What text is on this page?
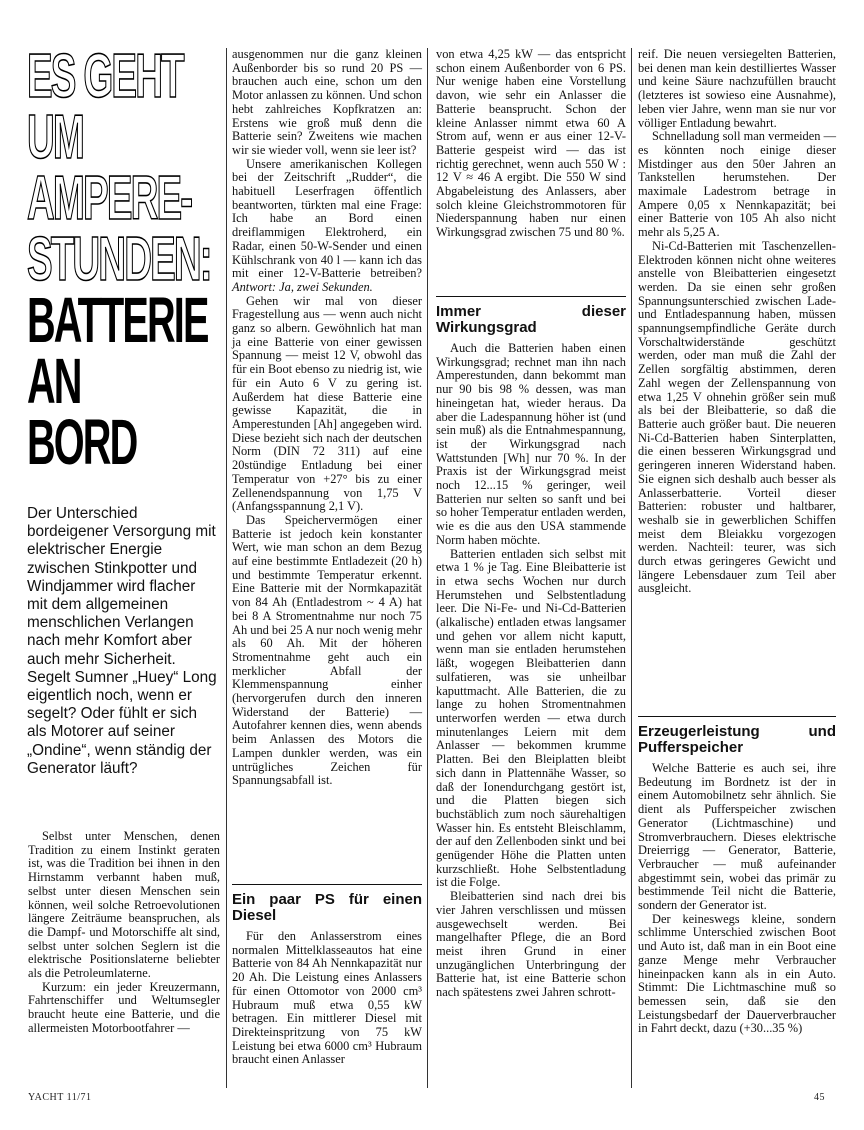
ES GEHT
UM
AMPERE-
STUNDEN:
BATTERIE
AN
BORD
Der Unterschied bordeigener Versorgung mit elektrischer Energie zwischen Stinkpotter und Windjammer wird flacher mit dem allgemeinen menschlichen Verlangen nach mehr Komfort aber auch mehr Sicherheit. Segelt Sumner „Huey“ Long eigentlich noch, wenn er segelt? Oder fühlt er sich als Motorer auf seiner „Ondine“, wenn ständig der Generator läuft?

Selbst unter Menschen, denen Tradition zu einem Instinkt geraten ist, was die Tradition bei ihnen in den Hirnstamm verbannt haben muß, selbst unter diesen Menschen sein können, weil solche Retroevolutionen längere Zeiträume beanspruchen, als die Dampf- und Motorschiffe alt sind, selbst unter solchen Seglern ist die elektrische Positionslaterne beliebter als die Petroleumlaterne.

Kurzum: ein jeder Kreuzermann, Fahrtenschiffer und Weltumsegler braucht heute eine Batterie, und die allermeisten Motorbootfahrer —

ausgenommen nur die ganz kleinen Außenborder bis so rund 20 PS — brauchen auch eine, schon um den Motor anlassen zu können. Und schon hebt zahlreiches Kopfkratzen an: Erstens wie groß muß denn die Batterie sein? Zweitens wie machen wir sie wieder voll, wenn sie leer ist?

Unsere amerikanischen Kollegen bei der Zeitschrift „Rudder“, die habituell Leserfragen öffentlich beantworten, türkten mal eine Frage: Ich habe an Bord einen dreiflammigen Elektroherd, ein Radar, einen 50-W-Sender und einen Kühlschrank von 40 l — kann ich das mit einer 12-V-Batterie betreiben? Antwort: Ja, zwei Sekunden.

Gehen wir mal von dieser Fragestellung aus — wenn auch nicht ganz so albern. Gewöhnlich hat man ja eine Batterie von einer gewissen Spannung — meist 12 V, obwohl das für ein Boot ebenso zu niedrig ist, wie für ein Auto 6 V zu gering ist. Außerdem hat diese Batterie eine gewisse Kapazität, die in Amperestunden [Ah] angegeben wird. Diese bezieht sich nach der deutschen Norm (DIN 72 311) auf eine 20stündige Entladung bei einer Temperatur von +27° bis zu einer Zellenendspannung von 1,75 V (Anfangsspannung 2,1 V).

Das Speichervermögen einer Batterie ist jedoch kein konstanter Wert, wie man schon an dem Bezug auf eine bestimmte Entladezeit (20 h) und bestimmte Temperatur erkennt. Eine Batterie mit der Normkapazität von 84 Ah (Entladestrom ~ 4 A) hat bei 8 A Stromentnahme nur noch 75 Ah und bei 25 A nur noch wenig mehr als 60 Ah. Mit der höheren Stromentnahme geht auch ein merklicher Abfall der Klemmenspannung einher (hervorgerufen durch den inneren Widerstand der Batterie) — Autofahrer kennen dies, wenn abends beim Anlassen des Motors die Lampen dunkler werden, was ein untrügliches Zeichen für Spannungsabfall ist.

Ein paar PS für einen Diesel

Für den Anlasserstrom eines normalen Mittelklasseautos hat eine Batterie von 84 Ah Nennkapazität nur 20 Ah. Die Leistung eines Anlassers für einen Ottomotor von 2000 cm³ Hubraum muß etwa 0,55 kW betragen. Ein mittlerer Diesel mit Direkteinspritzung von 75 kW Leistung bei etwa 6000 cm³ Hubraum braucht einen Anlasser

von etwa 4,25 kW — das entspricht schon einem Außenborder von 6 PS. Nur wenige haben eine Vorstellung davon, wie sehr ein Anlasser die Batterie beansprucht. Schon der kleine Anlasser nimmt etwa 60 A Strom auf, wenn er aus einer 12-V-Batterie gespeist wird — das ist richtig gerechnet, wenn auch 550 W : 12 V ≈ 46 A ergibt. Die 550 W sind Abgabeleistung des Anlassers, aber solch kleine Gleichstrommotoren für Niederspannung haben nur einen Wirkungsgrad zwischen 75 und 80 %.

Immer dieser Wirkungsgrad

Auch die Batterien haben einen Wirkungsgrad; rechnet man ihn nach Amperestunden, dann bekommt man nur 90 bis 98 % dessen, was man hineingetan hat, wieder heraus. Da aber die Ladespannung höher ist (und sein muß) als die Entnahmespannung, ist der Wirkungsgrad nach Wattstunden [Wh] nur 70 %. In der Praxis ist der Wirkungsgrad meist noch 12...15 % geringer, weil Batterien nur selten so sanft und bei so hoher Temperatur entladen werden, wie es die aus den USA stammende Norm haben möchte.

Batterien entladen sich selbst mit etwa 1 % je Tag. Eine Bleibatterie ist in etwa sechs Wochen nur durch Herumstehen und Selbstentladung leer. Die Ni-Fe- und Ni-Cd-Batterien (alkalische) entladen etwas langsamer und gehen vor allem nicht kaputt, wenn man sie entladen herumstehen läßt, wogegen Bleibatterien dann sulfatieren, was sie unheilbar kaputtmacht. Alle Batterien, die zu lange zu hohen Stromentnahmen unterworfen werden — etwa durch minutenlanges Leiern mit dem Anlasser — bekommen krumme Platten. Bei den Bleiplatten bleibt sich dann in Plattennähe Wasser, so daß der Ionendurchgang gestört ist, und die Platten biegen sich buchstäblich zum noch säurehaltigen Wasser hin. Es entsteht Bleischlamm, der auf den Zellenboden sinkt und bei genügender Höhe die Platten unten kurzschließt. Hohe Selbstentladung ist die Folge.

Bleibatterien sind nach drei bis vier Jahren verschlissen und müssen ausgewechselt werden. Bei mangelhafter Pflege, die an Bord meist ihren Grund in einer unzugänglichen Unterbringung der Batterie hat, ist eine Batterie schon nach spätestens zwei Jahren schrott-

reif. Die neuen versiegelten Batterien, bei denen man kein destilliertes Wasser und keine Säure nachzufüllen braucht (letzteres ist sowieso eine Ausnahme), leben vier Jahre, wenn man sie nur vor völliger Entladung bewahrt.

Schnelladung soll man vermeiden — es könnten noch einige dieser Mistdinger aus den 50er Jahren an Tankstellen herumstehen. Der maximale Ladestrom betrage in Ampere 0,05 x Nennkapazität; bei einer Batterie von 105 Ah also nicht mehr als 5,25 A.

Ni-Cd-Batterien mit Taschenzellen-Elektroden können nicht ohne weiteres anstelle von Bleibatterien eingesetzt werden. Da sie einen sehr großen Spannungsunterschied zwischen Lade- und Entladespannung haben, müssen spannungsempfindliche Geräte durch Vorschaltwiderstände geschützt werden, oder man muß die Zahl der Zellen sorgfältig abstimmen, deren Zahl wegen der Zellenspannung von etwa 1,25 V ohnehin größer sein muß als bei der Bleibatterie, so daß die Batterie auch größer baut. Die neueren Ni-Cd-Batterien haben Sinterplatten, die einen besseren Wirkungsgrad und geringeren inneren Widerstand haben. Sie eignen sich deshalb auch besser als Anlasserbatterie. Vorteil dieser Batterien: robuster und haltbarer, weshalb sie in gewerblichen Schiffen meist dem Bleiakku vorgezogen werden. Nachteil: teurer, was sich durch etwas geringeres Gewicht und längere Lebensdauer zum Teil aber ausgleicht.

Erzeugerleistung und Pufferspeicher

Welche Batterie es auch sei, ihre Bedeutung im Bordnetz ist der in einem Automobilnetz sehr ähnlich. Sie dient als Pufferspeicher zwischen Generator (Lichtmaschine) und Stromverbrauchern. Dieses elektrische Dreierrigg — Generator, Batterie, Verbraucher — muß aufeinander abgestimmt sein, wobei das primär zu bestimmende Teil nicht die Batterie, sondern der Generator ist.

Der keineswegs kleine, sondern schlimme Unterschied zwischen Boot und Auto ist, daß man in ein Boot eine ganze Menge mehr Verbraucher hineinpacken kann als in ein Auto. Stimmt: Die Lichtmaschine muß so bemessen sein, daß sie den Leistungsbedarf der Dauerverbraucher in Fahrt deckt, dazu (+30...35 %)

YACHT 11/71	45
